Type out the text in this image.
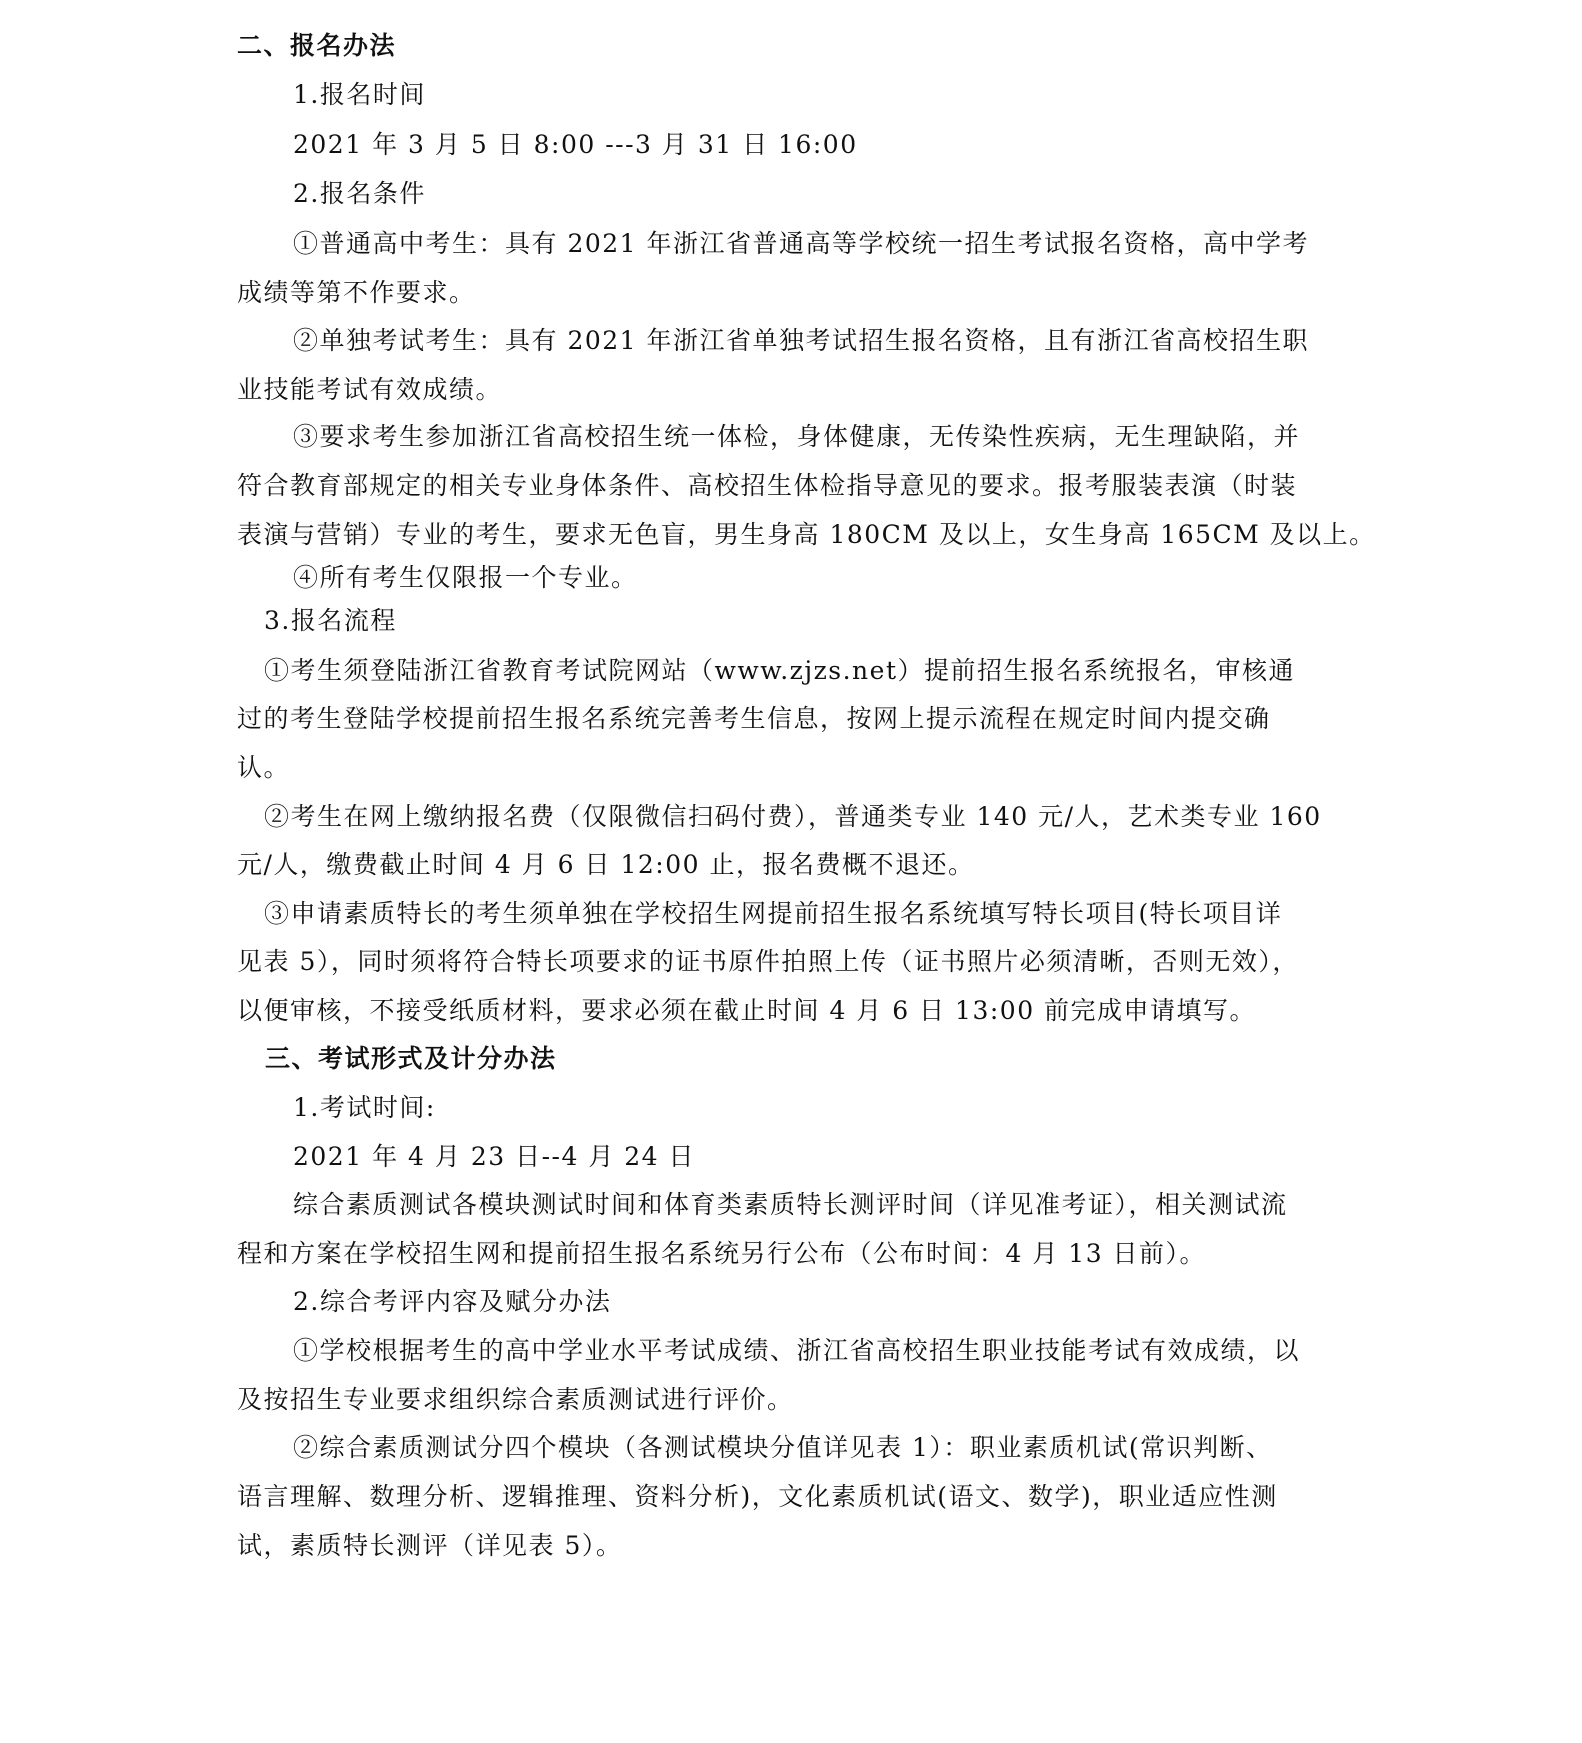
二、报名办法
1.报名时间
2021 年 3 月 5 日 8:00 ---3 月 31 日 16:00
2.报名条件
①普通高中考生：具有 2021 年浙江省普通高等学校统一招生考试报名资格，高中学考
成绩等第不作要求。
②单独考试考生：具有 2021 年浙江省单独考试招生报名资格，且有浙江省高校招生职
业技能考试有效成绩。
③要求考生参加浙江省高校招生统一体检，身体健康，无传染性疾病，无生理缺陷，并
符合教育部规定的相关专业身体条件、高校招生体检指导意见的要求。报考服装表演（时装
表演与营销）专业的考生，要求无色盲，男生身高 180CM 及以上，女生身高 165CM 及以上。
④所有考生仅限报一个专业。
3.报名流程
①考生须登陆浙江省教育考试院网站（www.zjzs.net）提前招生报名系统报名，审核通
过的考生登陆学校提前招生报名系统完善考生信息，按网上提示流程在规定时间内提交确
认。
②考生在网上缴纳报名费（仅限微信扫码付费），普通类专业 140 元/人，艺术类专业 160
元/人，缴费截止时间 4 月 6 日 12:00 止，报名费概不退还。
③申请素质特长的考生须单独在学校招生网提前招生报名系统填写特长项目(特长项目详
见表 5），同时须将符合特长项要求的证书原件拍照上传（证书照片必须清晰，否则无效），
以便审核，不接受纸质材料，要求必须在截止时间 4 月 6 日 13:00 前完成申请填写。
三、考试形式及计分办法
1.考试时间:
2021 年 4 月 23 日--4 月 24 日
综合素质测试各模块测试时间和体育类素质特长测评时间（详见准考证），相关测试流
程和方案在学校招生网和提前招生报名系统另行公布（公布时间：4 月 13 日前）。
2.综合考评内容及赋分办法
①学校根据考生的高中学业水平考试成绩、浙江省高校招生职业技能考试有效成绩，以
及按招生专业要求组织综合素质测试进行评价。
②综合素质测试分四个模块（各测试模块分值详见表 1）：职业素质机试(常识判断、
语言理解、数理分析、逻辑推理、资料分析)，文化素质机试(语文、数学)，职业适应性测
试，素质特长测评（详见表 5）。
